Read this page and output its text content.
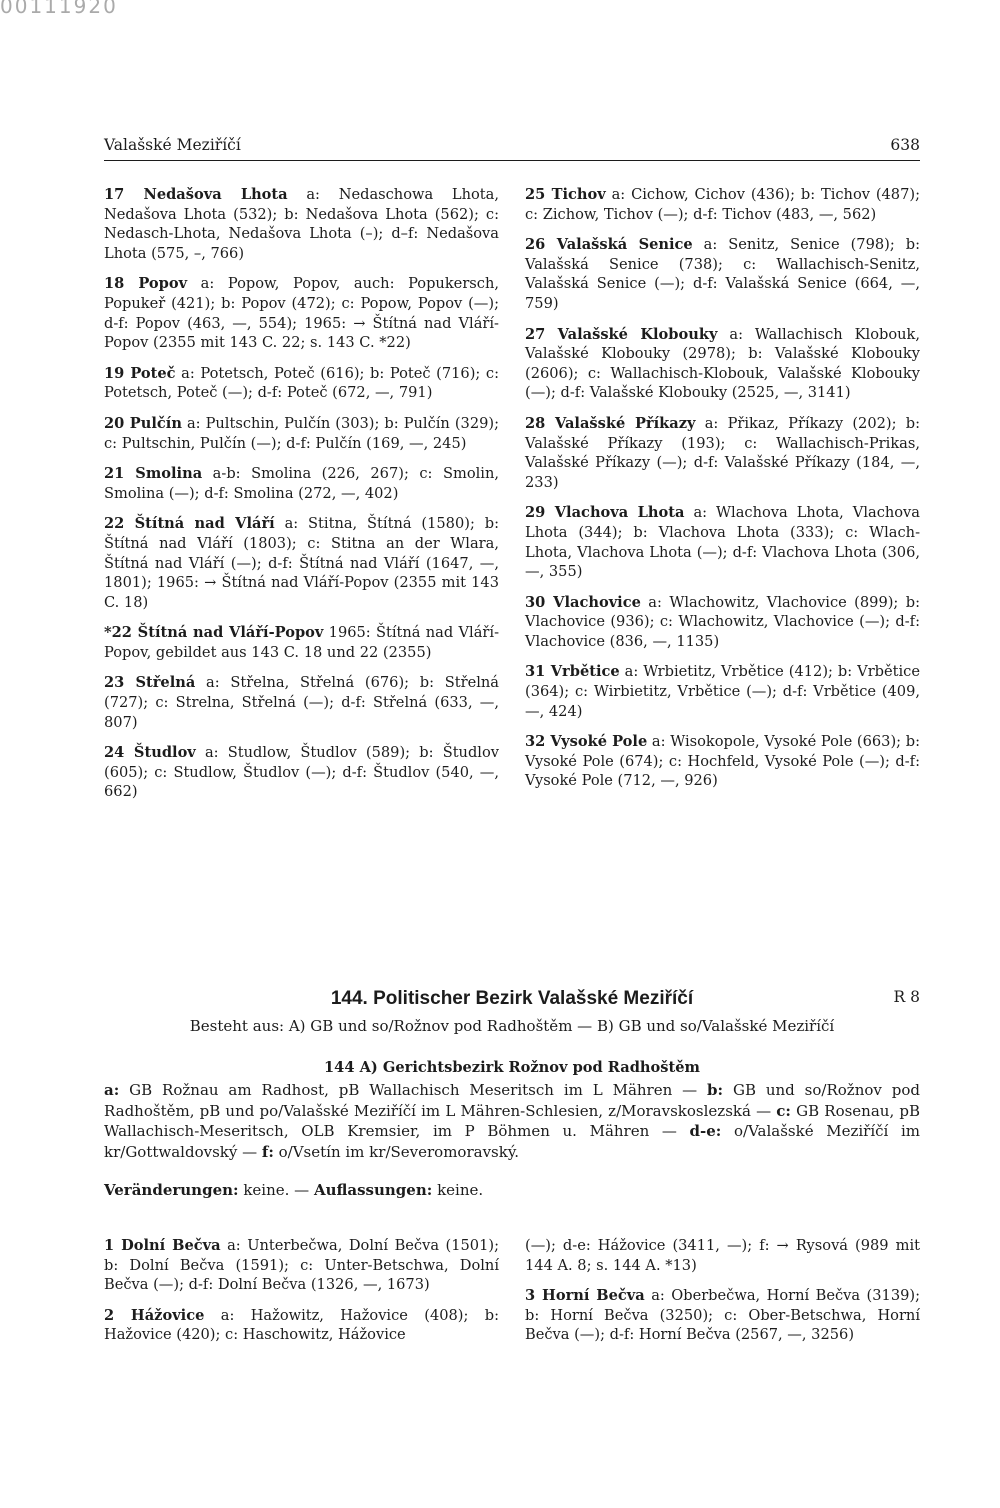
00111920
Valašské Meziříčí	638
17 Nedašova Lhota a: Nedaschowa Lhota, Nedašova Lhota (532); b: Nedašova Lhota (562); c: Nedasch-Lhota, Nedašova Lhota (–); d–f: Nedašova Lhota (575, –, 766)
18 Popov a: Popow, Popov, auch: Popukersch, Popukeř (421); b: Popov (472); c: Popow, Popov (—); d-f: Popov (463, —, 554); 1965: → Štítná nad Vláří-Popov (2355 mit 143 C. 22; s. 143 C. *22)
19 Poteč a: Potetsch, Poteč (616); b: Poteč (716); c: Potetsch, Poteč (—); d-f: Poteč (672, —, 791)
20 Pulčín a: Pultschin, Pulčín (303); b: Pulčín (329); c: Pultschin, Pulčín (—); d-f: Pulčín (169, —, 245)
21 Smolina a-b: Smolina (226, 267); c: Smolin, Smolina (—); d-f: Smolina (272, —, 402)
22 Štítná nad Vláří a: Stitna, Štítná (1580); b: Štítná nad Vláří (1803); c: Stitna an der Wlara, Štítná nad Vláří (—); d-f: Štítná nad Vláří (1647, —, 1801); 1965: → Štítná nad Vláří-Popov (2355 mit 143 C. 18)
*22 Štítná nad Vláří-Popov 1965: Štítná nad Vláří-Popov, gebildet aus 143 C. 18 und 22 (2355)
23 Střelná a: Střelna, Střelná (676); b: Střelná (727); c: Strelna, Střelná (—); d-f: Střelná (633, —, 807)
24 Študlov a: Studlow, Študlov (589); b: Študlov (605); c: Studlow, Študlov (—); d-f: Študlov (540, —, 662)
25 Tichov a: Cichow, Cichov (436); b: Tichov (487); c: Zichow, Tichov (—); d-f: Tichov (483, —, 562)
26 Valašská Senice a: Senitz, Senice (798); b: Valašská Senice (738); c: Wallachisch-Senitz, Valašská Senice (—); d-f: Valašská Senice (664, —, 759)
27 Valašské Klobouky a: Wallachisch Klobouk, Valašské Klobouky (2978); b: Valašské Klobouky (2606); c: Wallachisch-Klobouk, Valašské Klobouky (—); d-f: Valašské Klobouky (2525, —, 3141)
28 Valašské Příkazy a: Přikaz, Příkazy (202); b: Valašské Příkazy (193); c: Wallachisch-Prikas, Valašské Příkazy (—); d-f: Valašské Příkazy (184, —, 233)
29 Vlachova Lhota a: Wlachova Lhota, Vlachova Lhota (344); b: Vlachova Lhota (333); c: Wlach-Lhota, Vlachova Lhota (—); d-f: Vlachova Lhota (306, —, 355)
30 Vlachovice a: Wlachowitz, Vlachovice (899); b: Vlachovice (936); c: Wlachowitz, Vlachovice (—); d-f: Vlachovice (836, —, 1135)
31 Vrbětice a: Wrbietitz, Vrbětice (412); b: Vrbětice (364); c: Wirbietitz, Vrbětice (—); d-f: Vrbětice (409, —, 424)
32 Vysoké Pole a: Wisokopole, Vysoké Pole (663); b: Vysoké Pole (674); c: Hochfeld, Vysoké Pole (—); d-f: Vysoké Pole (712, —, 926)
144. Politischer Bezirk Valašské Meziříčí	R 8
Besteht aus: A) GB und so/Rožnov pod Radhoštěm — B) GB und so/Valašské Meziříčí
144 A) Gerichtsbezirk Rožnov pod Radhoštěm
a: GB Rožnau am Radhost, pB Wallachisch Meseritsch im L Mähren — b: GB und so/Rožnov pod Radhoštěm, pB und po/Valašské Meziříčí im L Mähren-Schlesien, z/Moravskoslezská — c: GB Rosenau, pB Wallachisch-Meseritsch, OLB Kremsier, im P Böhmen u. Mähren — d-e: o/Valašské Meziříčí im kr/Gottwaldovský — f: o/Vsetín im kr/Severomoravský.
Veränderungen: keine. — Auflassungen: keine.
1 Dolní Bečva a: Unterbečwa, Dolní Bečva (1501); b: Dolní Bečva (1591); c: Unter-Betschwa, Dolní Bečva (—); d-f: Dolní Bečva (1326, —, 1673)
2 Hážovice a: Hažowitz, Hažovice (408); b: Hažovice (420); c: Haschowitz, Hážovice
(—); d-e: Hážovice (3411, —); f: → Rysová (989 mit 144 A. 8; s. 144 A. *13)
3 Horní Bečva a: Oberbečwa, Horní Bečva (3139); b: Horní Bečva (3250); c: Ober-Betschwa, Horní Bečva (—); d-f: Horní Bečva (2567, —, 3256)
